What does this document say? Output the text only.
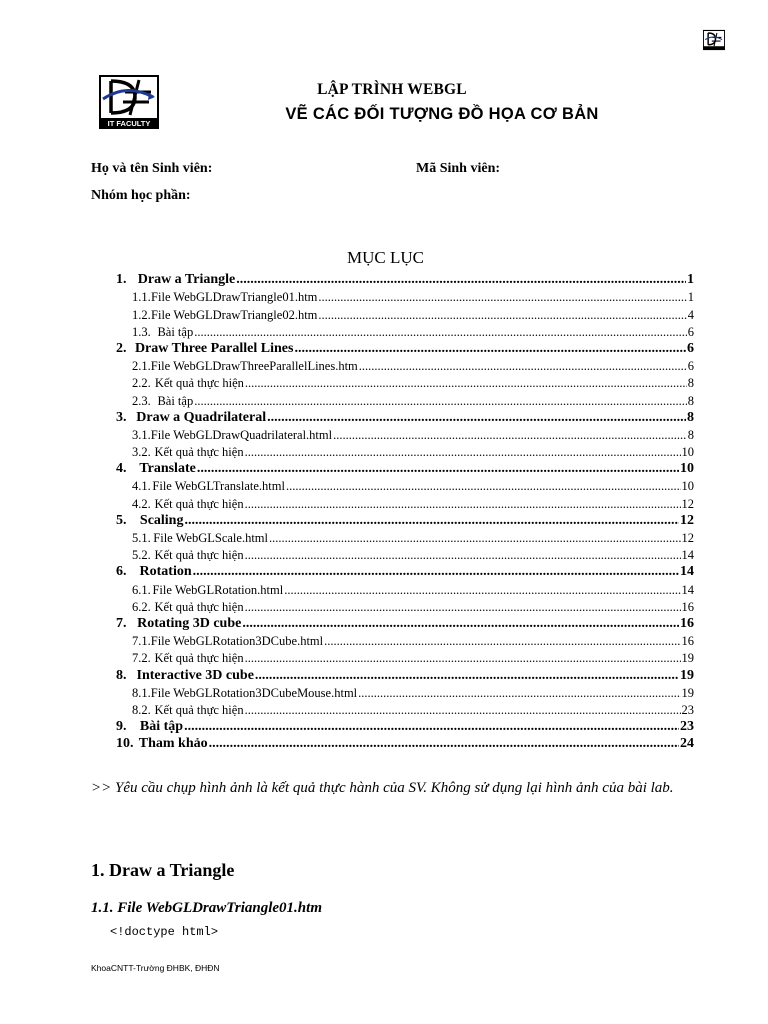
IT FACULTY
LẬP TRÌNH WEBGL
VẼ CÁC ĐỐI TƯỢNG ĐỒ HỌA CƠ BẢN
Họ và tên Sinh viên:	Mã Sinh viên:
Nhóm học phần:
MỤC LỤC
1. Draw a Triangle .....	1
1.1. File WebGLDrawTriangle01.htm .....	1
1.2. File WebGLDrawTriangle02.htm .....	4
1.3. Bài tập .....	6
2. Draw Three Parallel Lines .....	6
2.1. File WebGLDrawThreeParallelLines.htm .....	6
2.2. Kết quả thực hiện .....	8
2.3. Bài tập .....	8
3. Draw a Quadrilateral .....	8
3.1. File WebGLDrawQuadrilateral.html .....	8
3.2. Kết quả thực hiện .....	10
4. Translate .....	10
4.1. File WebGLTranslate.html .....	10
4.2. Kết quả thực hiện .....	12
5. Scaling .....	12
5.1. File WebGLScale.html .....	12
5.2. Kết quả thực hiện .....	14
6. Rotation .....	14
6.1. File WebGLRotation.html .....	14
6.2. Kết quả thực hiện .....	16
7. Rotating 3D cube .....	16
7.1. File WebGLRotation3DCube.html .....	16
7.2. Kết quả thực hiện .....	19
8. Interactive 3D cube .....	19
8.1. File WebGLRotation3DCubeMouse.html .....	19
8.2. Kết quả thực hiện .....	23
9. Bài tập .....	23
10. Tham khảo .....	24
>> Yêu cầu chụp hình ảnh là kết quả thực hành của SV. Không sử dụng lại hình ảnh của bài lab.
1. Draw a Triangle
1.1. File WebGLDrawTriangle01.htm
<!doctype html>
KhoaCNTT-Trường ĐHBK, ĐHĐN
